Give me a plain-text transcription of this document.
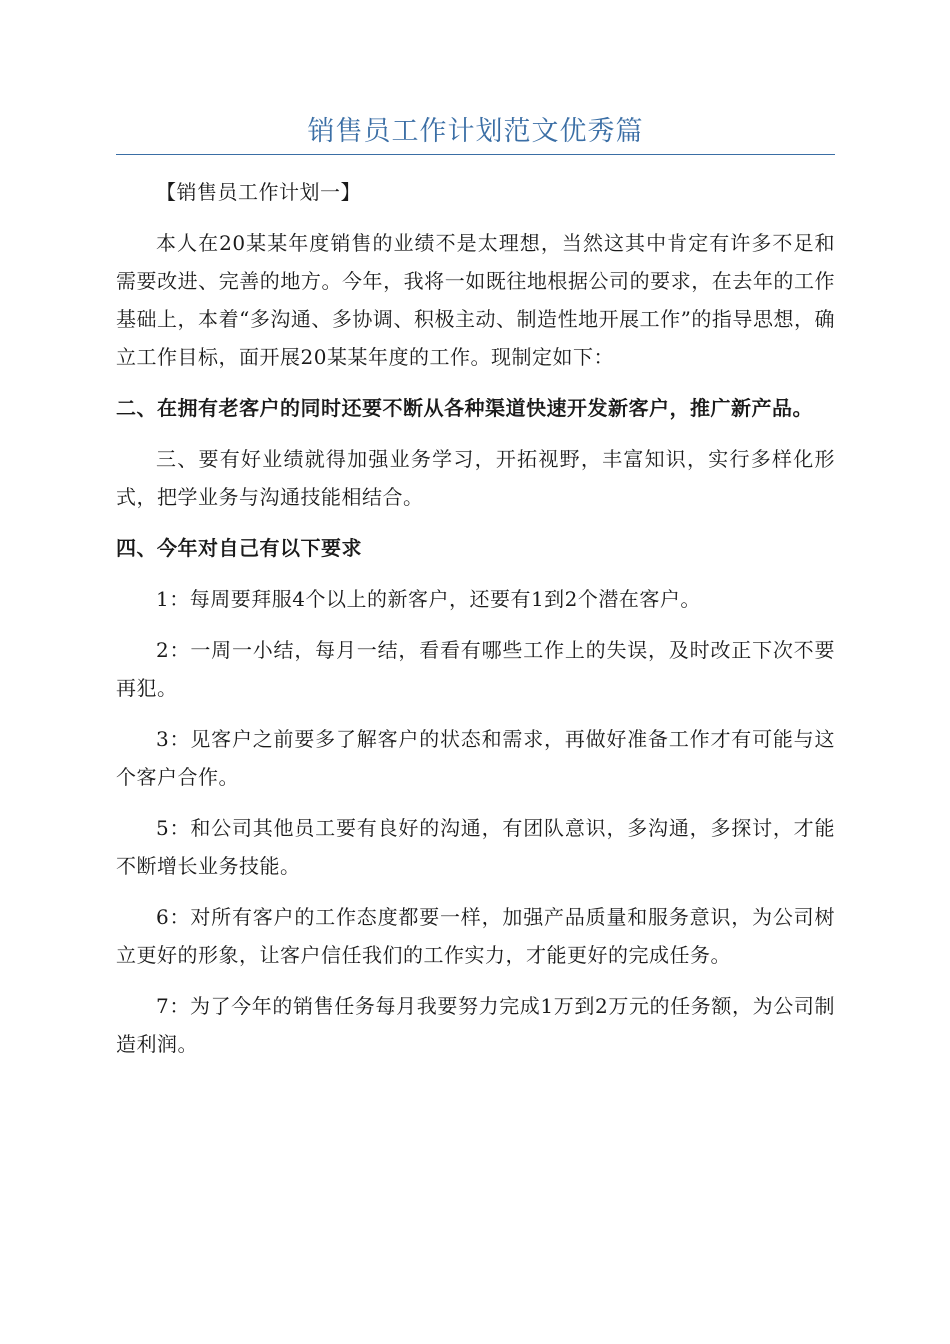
销售员工作计划范文优秀篇

【销售员工作计划一】

本人在20某某年度销售的业绩不是太理想，当然这其中肯定有许多不足和需要改进、完善的地方。今年，我将一如既往地根据公司的要求，在去年的工作基础上，本着“多沟通、多协调、积极主动、制造性地开展工作”的指导思想，确立工作目标，面开展20某某年度的工作。现制定如下：

二、在拥有老客户的同时还要不断从各种渠道快速开发新客户，推广新产品。

三、要有好业绩就得加强业务学习，开拓视野，丰富知识，实行多样化形式，把学业务与沟通技能相结合。

四、今年对自己有以下要求

1：每周要拜服4个以上的新客户，还要有1到2个潜在客户。

2：一周一小结，每月一结，看看有哪些工作上的失误，及时改正下次不要再犯。

3：见客户之前要多了解客户的状态和需求，再做好准备工作才有可能与这个客户合作。

5：和公司其他员工要有良好的沟通，有团队意识，多沟通，多探讨，才能不断增长业务技能。

6：对所有客户的工作态度都要一样，加强产品质量和服务意识，为公司树立更好的形象，让客户信任我们的工作实力，才能更好的完成任务。

7：为了今年的销售任务每月我要努力完成1万到2万元的任务额，为公司制造利润。
